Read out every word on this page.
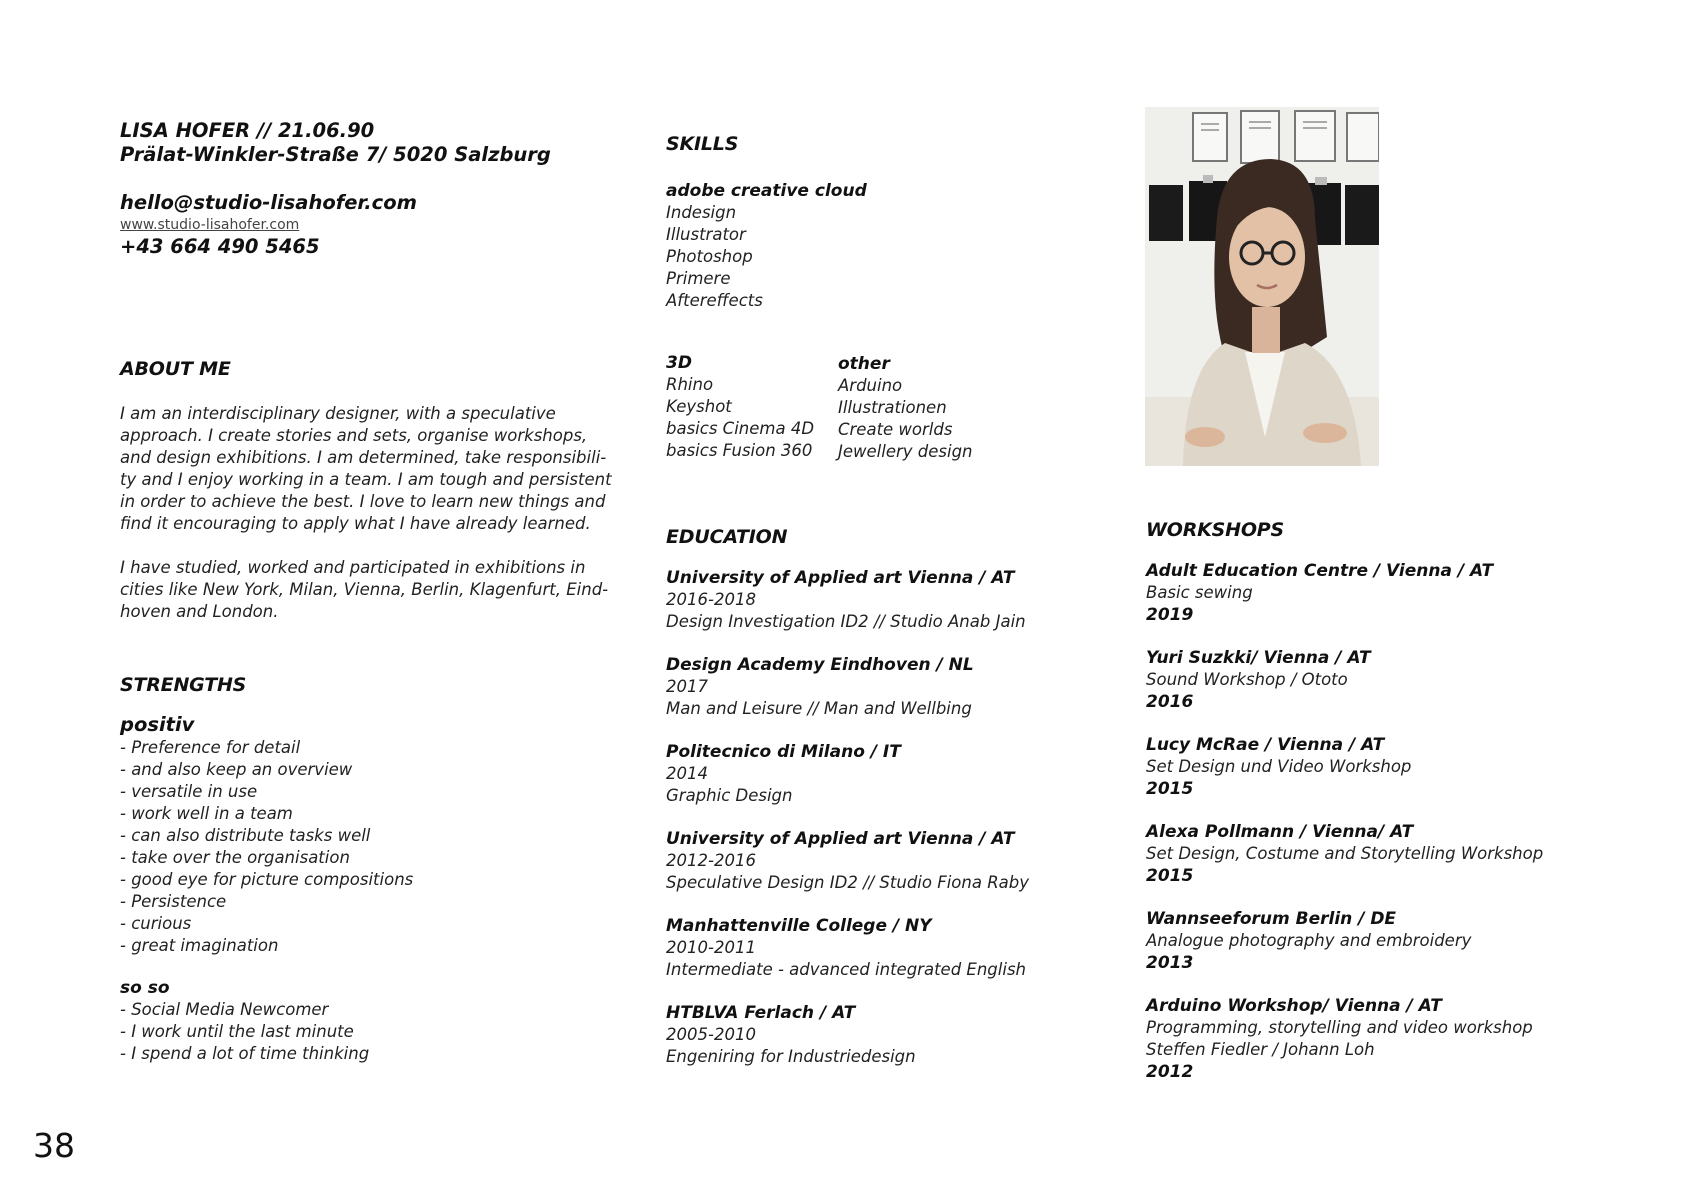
LISA HOFER // 21.06.90
Prälat-Winkler-Straße 7/ 5020 Salzburg
hello@studio-lisahofer.com
www.studio-lisahofer.com
+43 664 490 5465
ABOUT ME
I am an interdisciplinary designer, with a speculative
approach. I create stories and sets, organise workshops,
and design exhibitions. I am determined, take responsibili-
ty and I enjoy working in a team. I am tough and persistent
in order to achieve the best. I love to learn new things and
find it encouraging to apply what I have already learned.
I have studied, worked and participated in exhibitions in
cities like New York, Milan, Vienna, Berlin, Klagenfurt, Eind-
hoven and London.
STRENGTHS
positiv
- Preference for detail
- and also keep an overview
- versatile in use
- work well in a team
- can also distribute tasks well
- take over the organisation
- good eye for picture compositions
- Persistence
- curious
- great imagination
so so
- Social Media Newcomer
- I work until the last minute
- I spend a lot of time thinking
SKILLS
adobe creative cloud
Indesign
Illustrator
Photoshop
Primere
Aftereffects
3D
Rhino
Keyshot
basics Cinema 4D
basics Fusion 360
other
Arduino
Illustrationen
Create worlds
Jewellery design
EDUCATION
University of Applied art Vienna / AT
2016-2018
Design Investigation ID2 // Studio Anab Jain
Design Academy Eindhoven / NL
2017
Man and Leisure // Man and Wellbing
Politecnico di Milano / IT
2014
Graphic Design
University of Applied art Vienna / AT
2012-2016
Speculative Design ID2 // Studio Fiona Raby
Manhattenville College / NY
2010-2011
Intermediate - advanced integrated English
HTBLVA Ferlach / AT
2005-2010
Engeniring for Industriedesign
WORKSHOPS
Adult Education Centre / Vienna / AT
Basic sewing
2019
Yuri Suzkki/ Vienna / AT
Sound Workshop / Ototo
2016
Lucy McRae / Vienna / AT
Set Design und Video Workshop
2015
Alexa Pollmann / Vienna/ AT
Set Design, Costume and Storytelling Workshop
2015
Wannseeforum Berlin / DE
Analogue photography and embroidery
2013
Arduino Workshop/ Vienna / AT
Programming, storytelling and video workshop
Steffen Fiedler / Johann Loh
2012
38
